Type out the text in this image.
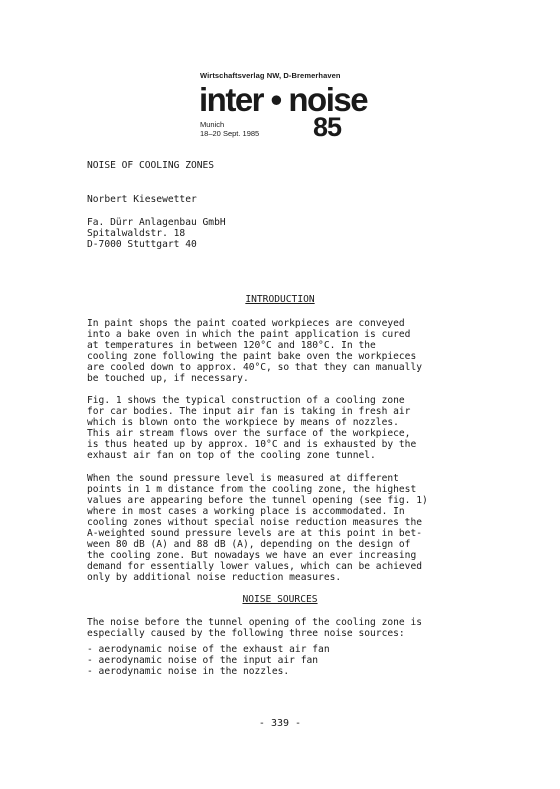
Wirtschaftsverlag NW, D-Bremerhaven
inter • noise
Munich
18–20 Sept. 1985 85
NOISE OF COOLING ZONES
Norbert Kiesewetter
Fa. Dürr Anlagenbau GmbH
Spitalwaldstr. 18
D-7000 Stuttgart 40
INTRODUCTION
In paint shops the paint coated workpieces are conveyed
into a bake oven in which the paint application is cured
at temperatures in between 120°C and 180°C. In the
cooling zone following the paint bake oven the workpieces
are cooled down to approx. 40°C, so that they can manually
be touched up, if necessary.
Fig. 1 shows the typical construction of a cooling zone
for car bodies. The input air fan is taking in fresh air
which is blown onto the workpiece by means of nozzles.
This air stream flows over the surface of the workpiece,
is thus heated up by approx. 10°C and is exhausted by the
exhaust air fan on top of the cooling zone tunnel.
When the sound pressure level is measured at different
points in 1 m distance from the cooling zone, the highest
values are appearing before the tunnel opening (see fig. 1)
where in most cases a working place is accommodated. In
cooling zones without special noise reduction measures the
A-weighted sound pressure levels are at this point in bet-
ween 80 dB (A) and 88 dB (A), depending on the design of
the cooling zone. But nowadays we have an ever increasing
demand for essentially lower values, which can be achieved
only by additional noise reduction measures.
NOISE SOURCES
The noise before the tunnel opening of the cooling zone is
especially caused by the following three noise sources:
- aerodynamic noise of the exhaust air fan
- aerodynamic noise of the input air fan
- aerodynamic noise in the nozzles.
- 339 -
